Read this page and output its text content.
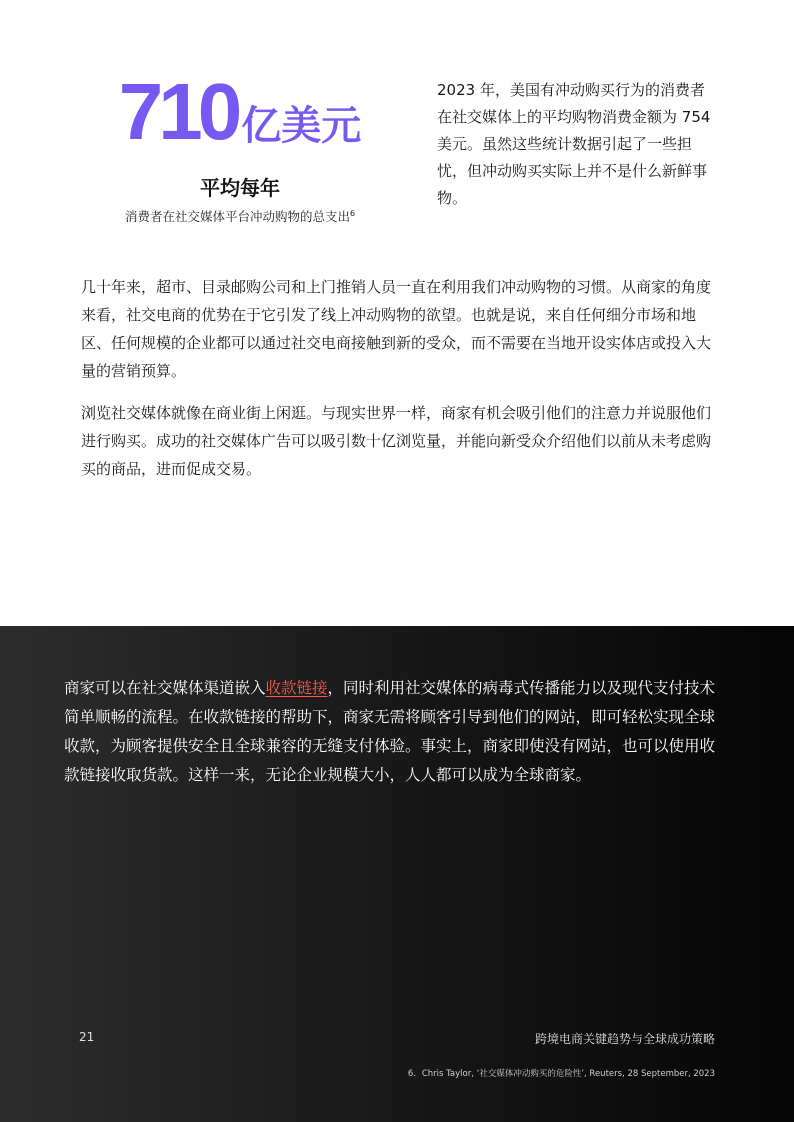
710 亿美元
平均每年
消费者在社交媒体平台冲动购物的总支出$^6$
2023 年，美国有冲动购买行为的消费者在社交媒体上的平均购物消费金额为 754 美元。虽然这些统计数据引起了一些担忧，但冲动购买实际上并不是什么新鲜事物。

几十年来，超市、目录邮购公司和上门推销人员一直在利用我们冲动购物的习惯。从商家的角度来看，社交电商的优势在于它引发了线上冲动购物的欲望。也就是说，来自任何细分市场和地区、任何规模的企业都可以通过社交电商接触到新的受众，而不需要在当地开设实体店或投入大量的营销预算。

浏览社交媒体就像在商业街上闲逛。与现实世界一样，商家有机会吸引他们的注意力并说服他们进行购买。成功的社交媒体广告可以吸引数十亿浏览量，并能向新受众介绍他们以前从未考虑购买的商品，进而促成交易。

商家可以在社交媒体渠道嵌入收款链接，同时利用社交媒体的病毒式传播能力以及现代支付技术简单顺畅的流程。在收款链接的帮助下，商家无需将顾客引导到他们的网站，即可轻松实现全球收款，为顾客提供安全且全球兼容的无缝支付体验。事实上，商家即使没有网站，也可以使用收款链接收取货款。这样一来，无论企业规模大小，人人都可以成为全球商家。

21	跨境电商关键趋势与全球成功策略
6．Chris Taylor, ‘社交媒体冲动购买的危险性’, Reuters, 28 September, 2023
